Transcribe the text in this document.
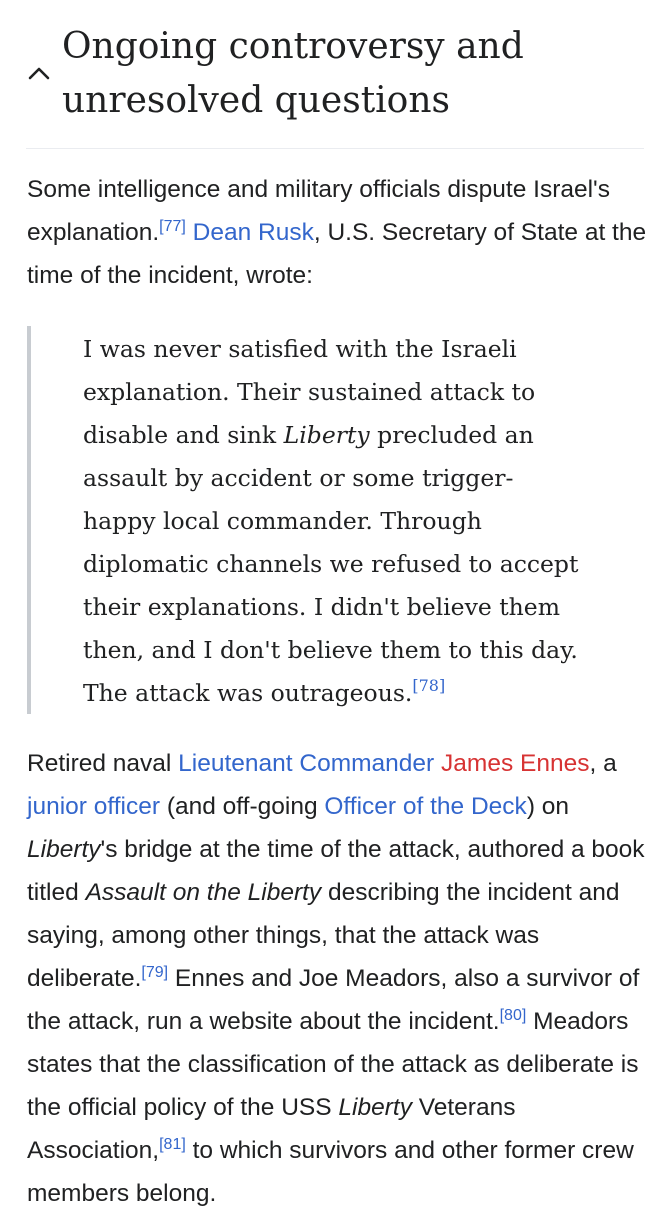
Ongoing controversy and unresolved questions

Some intelligence and military officials dispute Israel's explanation.[77] Dean Rusk, U.S. Secretary of State at the time of the incident, wrote:

I was never satisfied with the Israeli explanation. Their sustained attack to disable and sink Liberty precluded an assault by accident or some trigger-happy local commander. Through diplomatic channels we refused to accept their explanations. I didn't believe them then, and I don't believe them to this day. The attack was outrageous.[78]

Retired naval Lieutenant Commander James Ennes, a junior officer (and off-going Officer of the Deck) on Liberty's bridge at the time of the attack, authored a book titled Assault on the Liberty describing the incident and saying, among other things, that the attack was deliberate.[79] Ennes and Joe Meadors, also a survivor of the attack, run a website about the incident.[80] Meadors states that the classification of the attack as deliberate is the official policy of the USS Liberty Veterans Association,[81] to which survivors and other former crew members belong.
